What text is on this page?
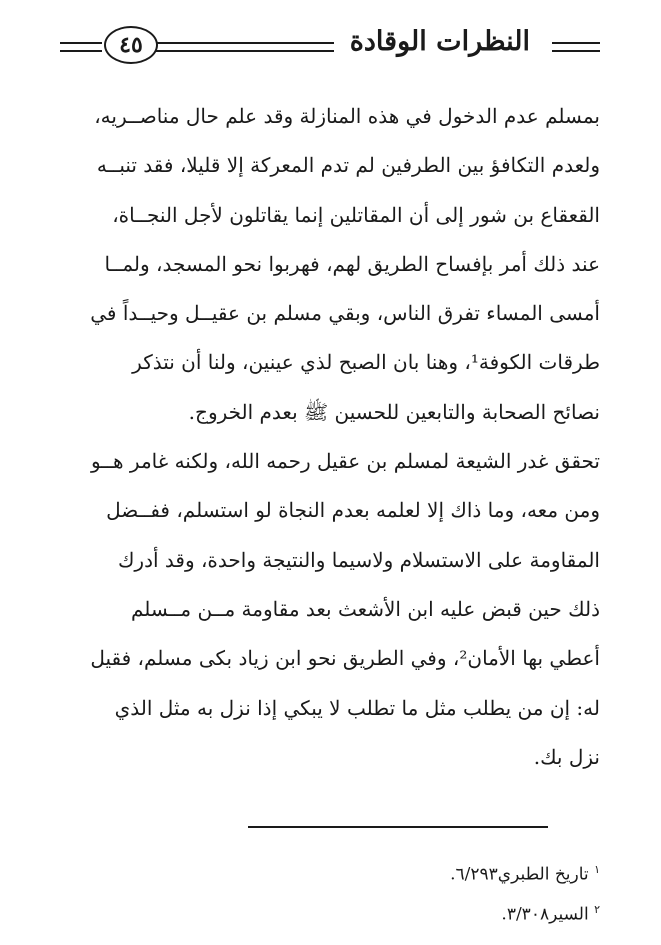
النظرات الوقادة
٤٥
بمسلم عدم الدخول في هذه المنازلة وقد علم حال مناصــريه،
ولعدم التكافؤ بين الطرفين لم تدم المعركة إلا قليلا، فقد تنبــه
القعقاع بن شور إلى أن المقاتلين إنما يقاتلون لأجل النجــاة،
عند ذلك أمر بإفساح الطريق لهم، فهربوا نحو المسجد، ولمــا
أمسى المساء تفرق الناس، وبقي مسلم بن عقيــل وحيــداً في
طرقات الكوفة¹، وهنا بان الصبح لذي عينين، ولنا أن نتذكر
نصائح الصحابة والتابعين للحسين ﷺ بعدم الخروج.
تحقق غدر الشيعة لمسلم بن عقيل رحمه الله، ولكنه غامر هــو
ومن معه، وما ذاك إلا لعلمه بعدم النجاة لو استسلم، ففــضل
المقاومة على الاستسلام ولاسيما والنتيجة واحدة، وقد أدرك
ذلك حين قبض عليه ابن الأشعث بعد مقاومة مــن مــسلم
أعطي بها الأمان²، وفي الطريق نحو ابن زياد بكى مسلم، فقيل
له: إن من يطلب مثل ما تطلب لا يبكي إذا نزل به مثل الذي
نزل بك.
$^١$ تاريخ الطبري٦/٢٩٣.
$^٢$ السير٣/٣٠٨.
